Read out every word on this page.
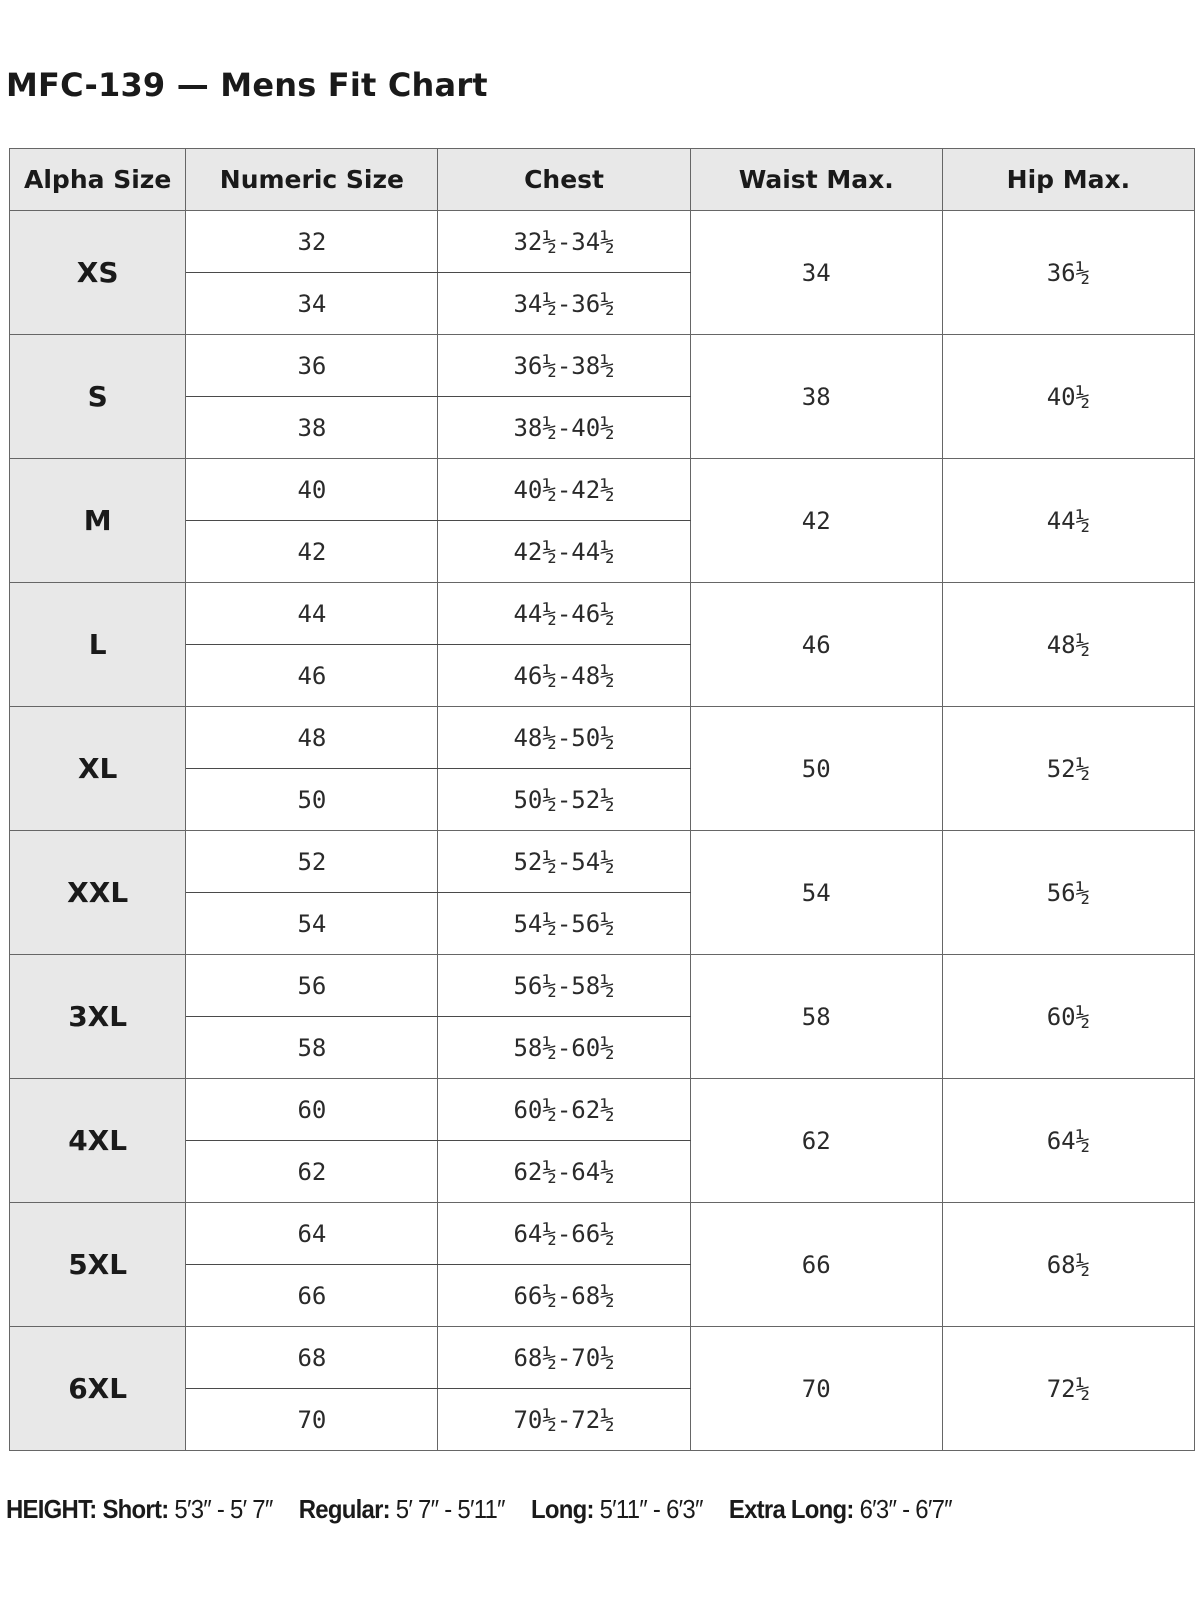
MFC-139 — Mens Fit Chart
Alpha Size	Numeric Size	Chest	Waist Max.	Hip Max.
XS	32	32½-34½	34	36½
	34	34½-36½		
S	36	36½-38½	38	40½
	38	38½-40½		
M	40	40½-42½	42	44½
	42	42½-44½		
L	44	44½-46½	46	48½
	46	46½-48½		
XL	48	48½-50½	50	52½
	50	50½-52½		
XXL	52	52½-54½	54	56½
	54	54½-56½		
3XL	56	56½-58½	58	60½
	58	58½-60½		
4XL	60	60½-62½	62	64½
	62	62½-64½		
5XL	64	64½-66½	66	68½
	66	66½-68½		
6XL	68	68½-70½	70	72½
	70	70½-72½		
HEIGHT: Short: 5′3″ - 5′ 7″ Regular: 5′ 7″ - 5′11″ Long: 5′11″ - 6′3″ Extra Long: 6′3″ - 6′7″
